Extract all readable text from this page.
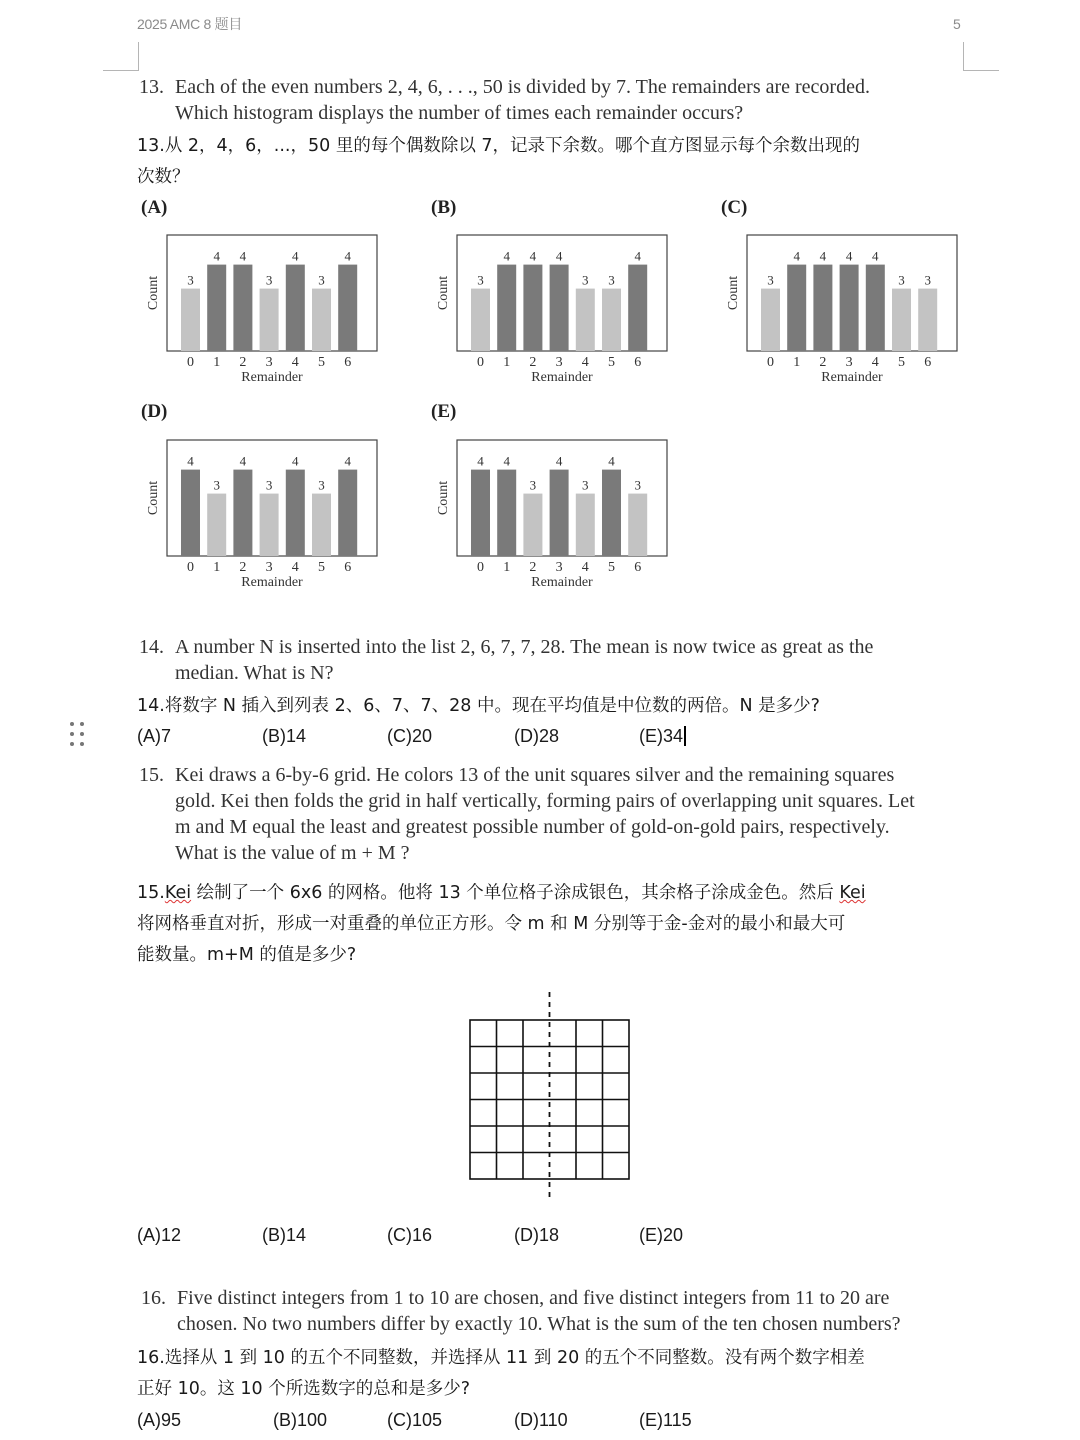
2025 AMC 8 题目	5
13. Each of the even numbers 2, 4, 6, . . ., 50 is divided by 7. The remainders are recorded.
Which histogram displays the number of times each remainder occurs?
13.从 2，4，6，...，50 里的每个偶数除以 7，记录下余数。哪个直方图显示每个余数出现的
次数？
(A)	(B)	(C)
(D)	(E)
3
0
4
1
4
2
3
3
4
4
3
5
4
6
Remainder
Count	3
0
4
1
4
2
4
3
3
4
3
5
4
6
Remainder
Count	3
0
4
1
4
2
4
3
4
4
3
5
3
6
Remainder
Count
4
0
3
1
4
2
3
3
4
4
3
5
4
6
Remainder
Count
4
0
4
1
3
2
4
3
3
4
4
5
3
6
Remainder
Count
14. A number N is inserted into the list 2, 6, 7, 7, 28. The mean is now twice as great as the
median. What is N?
14.将数字 N 插入到列表 2、6、7、7、28 中。现在平均值是中位数的两倍。N 是多少?
(A)7	(B)14	(C)20	(D)28	(E)34
15. Kei draws a 6-by-6 grid. He colors 13 of the unit squares silver and the remaining squares
gold. Kei then folds the grid in half vertically, forming pairs of overlapping unit squares. Let
m and M equal the least and greatest possible number of gold-on-gold pairs, respectively.
What is the value of m + M ?
15.Kei 绘制了一个 6x6 的网格。他将 13 个单位格子涂成银色，其余格子涂成金色。然后 Kei
将网格垂直对折，形成一对重叠的单位正方形。令 m 和 M 分别等于金-金对的最小和最大可
能数量。m+M 的值是多少?
(A)12	(B)14	(C)16	(D)18	(E)20
16. Five distinct integers from 1 to 10 are chosen, and five distinct integers from 11 to 20 are
chosen. No two numbers differ by exactly 10. What is the sum of the ten chosen numbers?
16.选择从 1 到 10 的五个不同整数，并选择从 11 到 20 的五个不同整数。没有两个数字相差
正好 10。这 10 个所选数字的总和是多少?
(A)95	(B)100	(C)105	(D)110	(E)115
